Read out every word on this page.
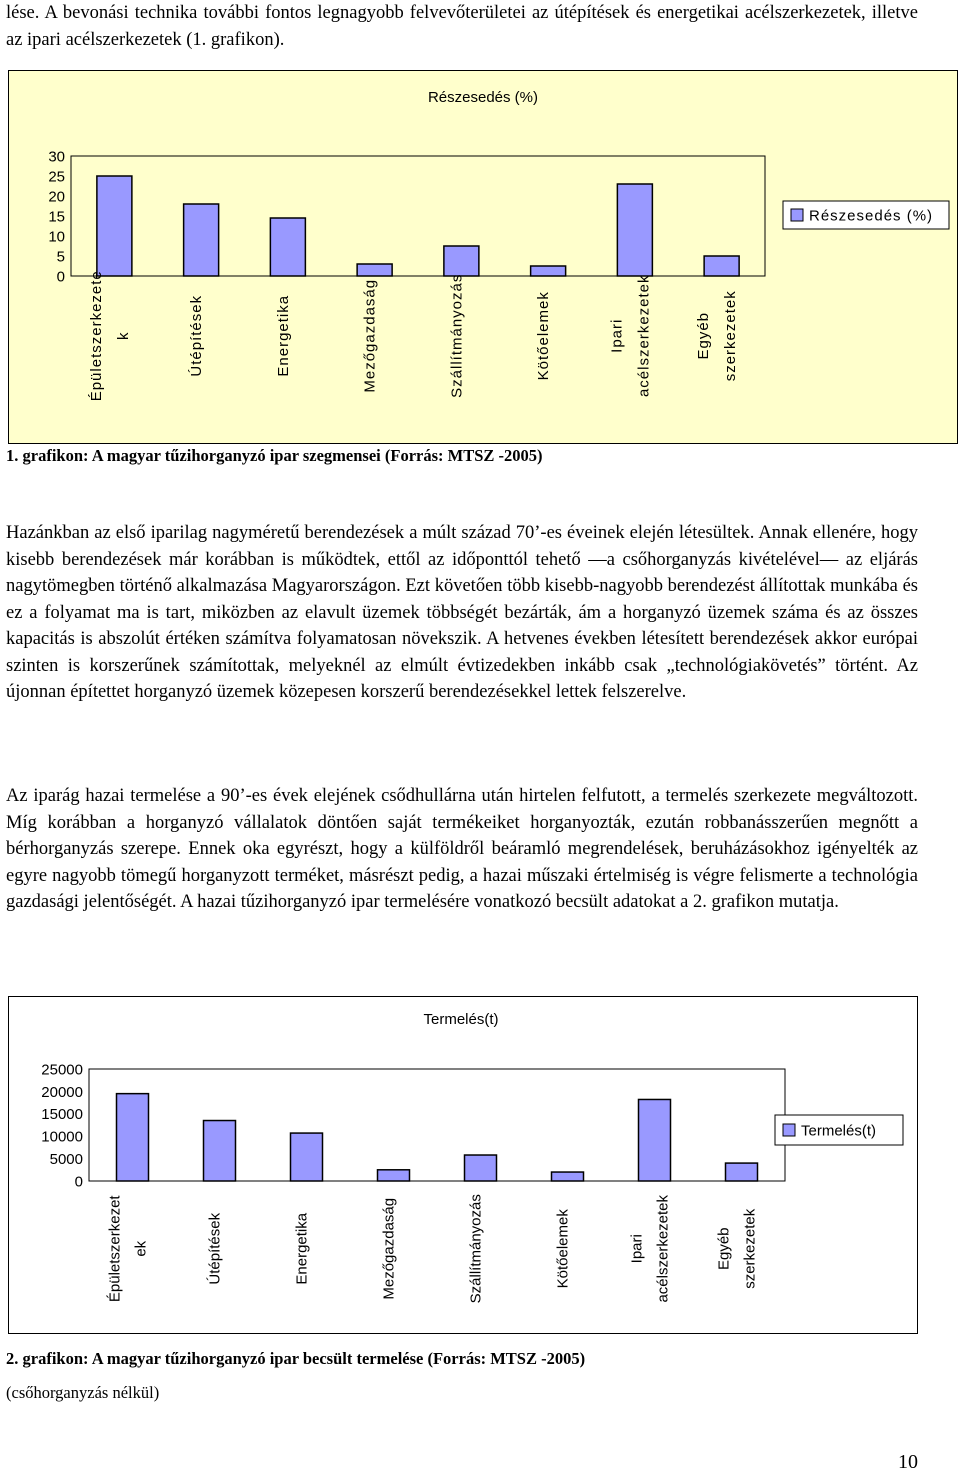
lése. A bevonási technika további fontos legnagyobb felvevőterületei az útépítések és energetikai acélszerkezetek, illetve az ipari acélszerkezetek (1. grafikon).

Részesedés (%)
30
25
20
15
10
5
0 Épületszerkezete k	Útépítések	Energetika	Mezőgazdaság	Szállítmányozás	Kötőelemek	Ipari acélszerkezetek	Egyéb szerkezetek
Részesedés (%)

1. grafikon: A magyar tűzihorganyzó ipar szegmensei (Forrás: MTSZ -2005)

Hazánkban az első iparilag nagyméretű berendezések a múlt század 70’-es éveinek elején létesültek. Annak ellenére, hogy kisebb berendezések már korábban is működtek, ettől az időponttól tehető —a csőhorganyzás kivételével— az eljárás nagytömegben történő alkalmazása Magyarországon. Ezt követően több kisebb-nagyobb berendezést állítottak munkába és ez a folyamat ma is tart, miközben az elavult üzemek többségét bezárták, ám a horganyzó üzemek száma és az összes kapacitás is abszolút értéken számítva folyamatosan növekszik. A hetvenes években létesített berendezések akkor európai szinten is korszerűnek számítottak, melyeknél az elmúlt évtizedekben inkább csak „technológiakövetés” történt. Az újonnan építettet horganyzó üzemek közepesen korszerű berendezésekkel lettek felszerelve.

Az iparág hazai termelése a 90’-es évek elejének csődhullárna után hirtelen felfutott, a termelés szerkezete megváltozott. Míg korábban a horganyzó vállalatok döntően saját termékeiket horganyozták, ezután robbanásszerűen megnőtt a bérhorganyzás szerepe. Ennek oka egyrészt, hogy a külföldről beáramló megrendelések, beruházásokhoz igényelték az egyre nagyobb tömegű horganyzott terméket, másrészt pedig, a hazai műszaki értelmiség is végre felismerte a technológia gazdasági jelentőségét. A hazai tűzihorganyzó ipar termelésére vonatkozó becsült adatokat a 2. grafikon mutatja.

Termelés(t)
25000
20000
15000
10000
5000
0
Épületszerkezet ek	Útépítések	Energetika	Mezőgazdaság	Szállítmányozás	Kötőelemek	Ipari acélszerkezetek	Egyéb szerkezetek
Termelés(t)

2. grafikon: A magyar tűzihorganyzó ipar becsült termelése (Forrás: MTSZ -2005)

(csőhorganyzás nélkül)

10
